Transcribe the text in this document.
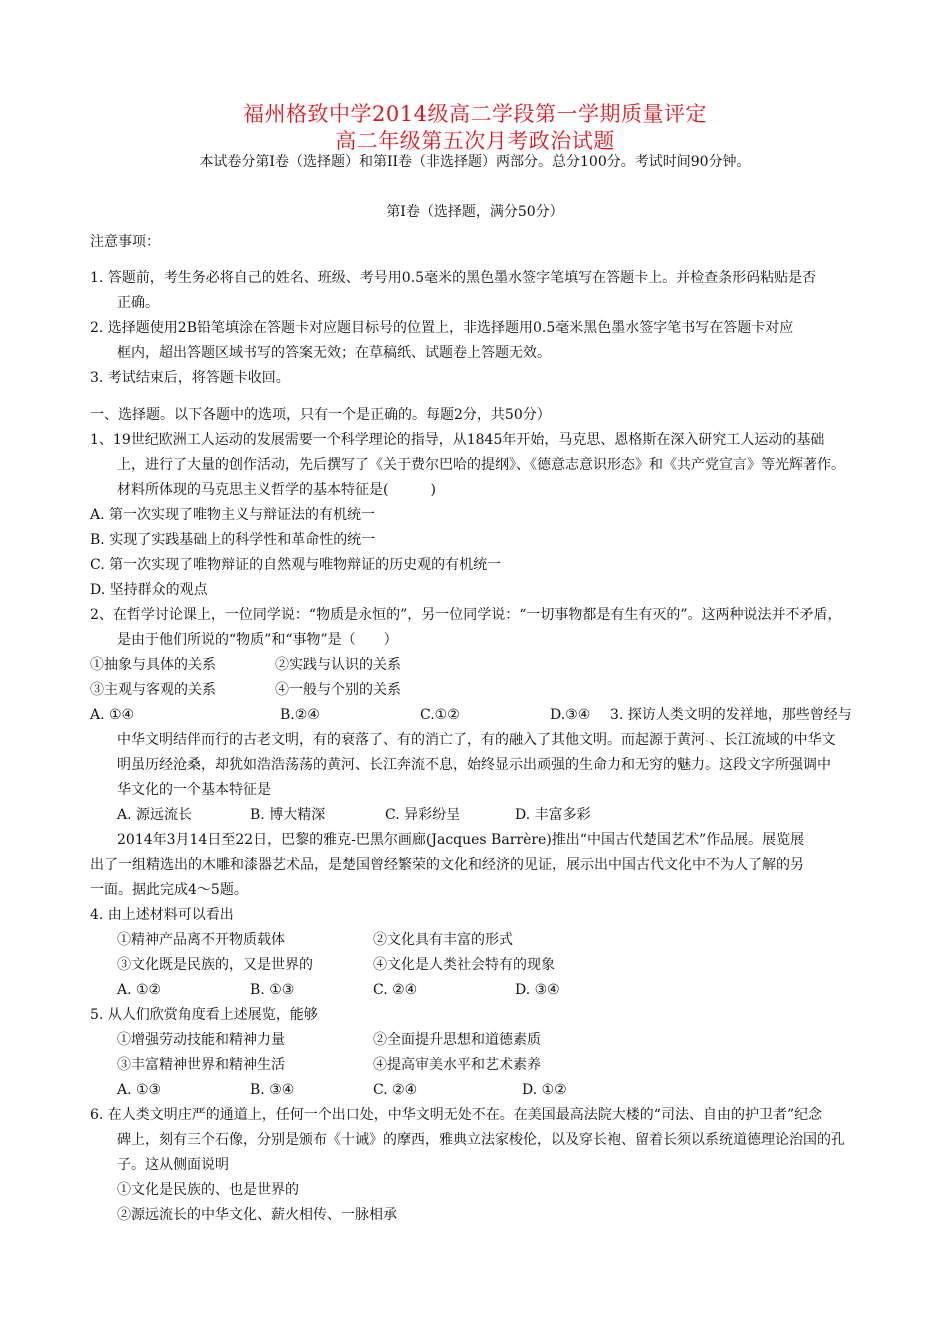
福州格致中学2014级高二学段第一学期质量评定
高二年级第五次月考政治试题
本试卷分第Ⅰ卷（选择题）和第II卷（非选择题）两部分。总分100分。考试时间90分钟。
第Ⅰ卷（选择题，满分50分）
注意事项：
1. 答题前，考生务必将自己的姓名、班级、考号用0.5毫米的黑色墨水签字笔填写在答题卡上。并检查条形码粘贴是否
正确。
2. 选择题使用2B铅笔填涂在答题卡对应题目标号的位置上，非选择题用0.5毫米黑色墨水签字笔书写在答题卡对应
框内，超出答题区域书写的答案无效；在草稿纸、试题卷上答题无效。
3. 考试结束后，将答题卡收回。
一、选择题。以下各题中的选项，只有一个是正确的。每题2分，共50分）
1、19世纪欧洲工人运动的发展需要一个科学理论的指导，从1845年开始，马克思、恩格斯在深入研究工人运动的基础
上，进行了大量的创作活动，先后撰写了《关于费尔巴哈的提纲》、《德意志意识形态》和《共产党宣言》等光辉著作。
材料所体现的马克思主义哲学的基本特征是(　　　)
A. 第一次实现了唯物主义与辩证法的有机统一
B. 实现了实践基础上的科学性和革命性的统一
C. 第一次实现了唯物辩证的自然观与唯物辩证的历史观的有机统一
D. 坚持群众的观点
2、在哲学讨论课上，一位同学说：“物质是永恒的”，另一位同学说：“一切事物都是有生有灭的”。这两种说法并不矛盾，
是由于他们所说的“物质”和“事物”是（　　）
①抽象与具体的关系	②实践与认识的关系
③主观与客观的关系	④一般与个别的关系
A. ①④	B.②④	C.①②	D.③④ 3. 探访人类文明的发祥地，那些曾经与
中华文明结伴而行的古老文明，有的衰落了、有的消亡了，有的融入了其他文明。而起源于黄河˴、长江流域的中华文
明虽历经沧桑，却犹如浩浩荡荡的黄河、长江奔流不息，始终显示出顽强的生命力和无穷的魅力。这段文字所强调中
华文化的一个基本特征是
A. 源远流长	B. 博大精深	C. 异彩纷呈	D. 丰富多彩
2014年3月14日至22日，巴黎的雅克-巴黑尔画廊(Jacques Barrère)推出“中国古代楚国艺术”作品展。展览展
出了一组精选出的木雕和漆器艺术品，是楚国曾经繁荣的文化和经济的见证，展示出中国古代文化中不为人了解的另
一面。据此完成4～5题。
4. 由上述材料可以看出
①精神产品离不开物质载体	②文化具有丰富的形式
③文化既是民族的，又是世界的	④文化是人类社会特有的现象
A. ①②	B. ①③	C. ②④	D. ③④
5. 从人们欣赏角度看上述展览，能够
①增强劳动技能和精神力量	②全面提升思想和道德素质
③丰富精神世界和精神生活	④提高审美水平和艺术素养
A. ①③	B. ③④	C. ②④	D. ①②
6. 在人类文明庄严的通道上，任何一个出口处，中华文明无处不在。在美国最高法院大楼的“司法、自由的护卫者”纪念
碑上，刻有三个石像，分别是颁布《十诫》的摩西，雅典立法家梭伦，以及穿长袍、留着长须以系统道德理论治国的孔
子。这从侧面说明
①文化是民族的、也是世界的
②源远流长的中华文化、薪火相传、一脉相承
